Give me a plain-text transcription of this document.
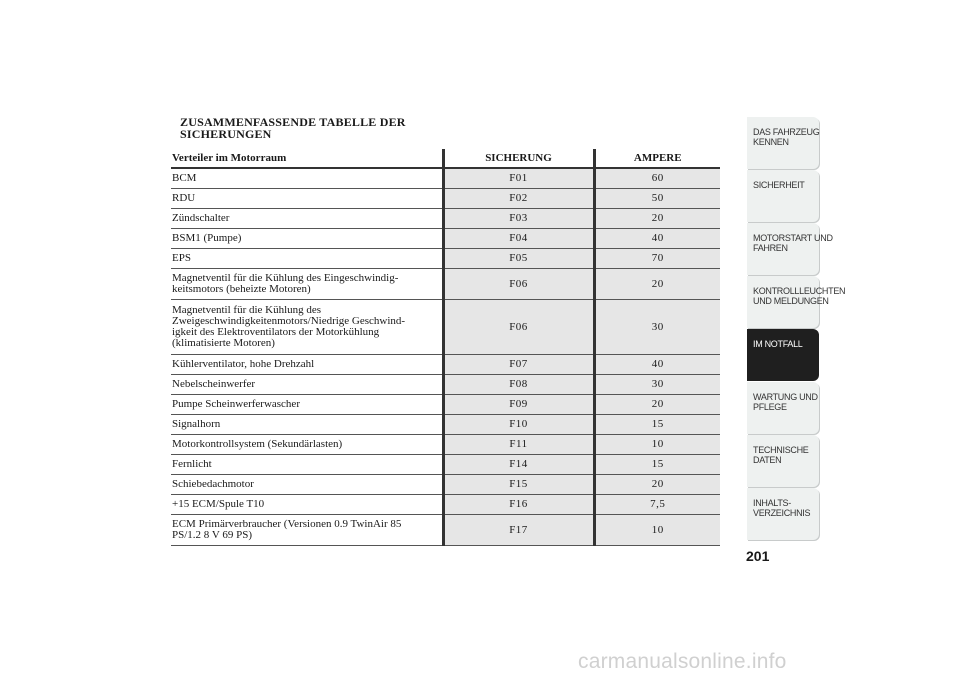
ZUSAMMENFASSENDE TABELLE DER
SICHERUNGEN
Verteiler im Motorraum	SICHERUNG	AMPERE

BCM	F01	60

RDU	F02	50

Zündschalter	F03	20

BSM1 (Pumpe)	F04	40

EPS	F05	70

Magnetventil für die Kühlung des Eingeschwindig-
keitsmotors (beheizte Motoren)	F06	20

Magnetventil für die Kühlung des
Zweigeschwindigkeitenmotors/Niedrige Geschwind-
igkeit des Elektroventilators der Motorkühlung
(klimatisierte Motoren)	F06	30

Kühlerventilator, hohe Drehzahl	F07	40

Nebelscheinwerfer	F08	30

Pumpe Scheinwerferwascher	F09	20

Signalhorn	F10	15

Motorkontrollsystem (Sekundärlasten)	F11	10

Fernlicht	F14	15

Schiebedachmotor	F15	20

+15 ECM/Spule T10	F16	7,5

ECM Primärverbraucher (Versionen 0.9 TwinAir 85
PS/1.2 8 V 69 PS)	F17	10
DAS FAHRZEUG
KENNEN
SICHERHEIT
MOTORSTART UND
FAHREN
KONTROLLLEUCHTEN
UND MELDUNGEN
IM NOTFALL
WARTUNG UND
PFLEGE
TECHNISCHE
DATEN
INHALTS-
VERZEICHNIS
201
carmanualsonline.info
